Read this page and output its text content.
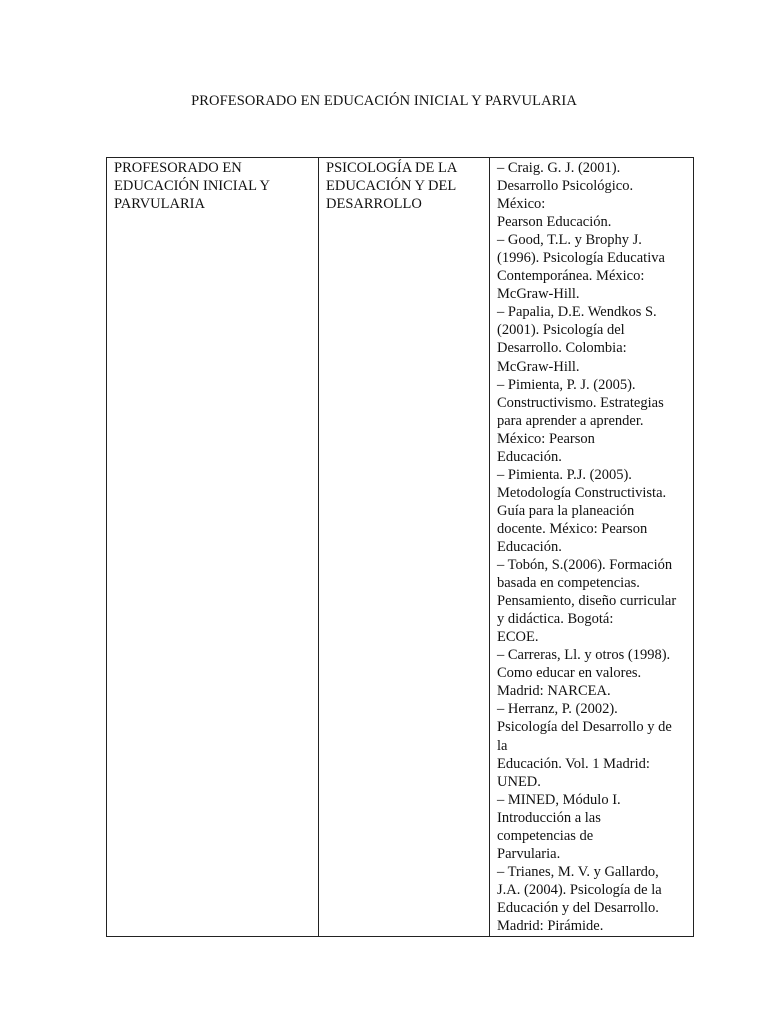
PROFESORADO EN EDUCACIÓN INICIAL Y PARVULARIA
PROFESORADO EN
EDUCACIÓN INICIAL Y
PARVULARIA

PSICOLOGÍA DE LA
EDUCACIÓN Y DEL
DESARROLLO

– Craig. G. J. (2001).
Desarrollo Psicológico.
México:
Pearson Educación.
– Good, T.L. y Brophy J.
(1996). Psicología Educativa
Contemporánea. México:
McGraw-Hill.
– Papalia, D.E. Wendkos S.
(2001). Psicología del
Desarrollo. Colombia:
McGraw-Hill.
– Pimienta, P. J. (2005).
Constructivismo. Estrategias
para aprender a aprender.
México: Pearson
Educación.
– Pimienta. P.J. (2005).
Metodología Constructivista.
Guía para la planeación
docente. México: Pearson
Educación.
– Tobón, S.(2006). Formación
basada en competencias.
Pensamiento, diseño curricular
y didáctica. Bogotá:
ECOE.
– Carreras, Ll. y otros (1998).
Como educar en valores.
Madrid: NARCEA.
– Herranz, P. (2002).
Psicología del Desarrollo y de
la
Educación. Vol. 1 Madrid:
UNED.
– MINED, Módulo I.
Introducción a las
competencias de
Parvularia.
– Trianes, M. V. y Gallardo,
J.A. (2004). Psicología de la
Educación y del Desarrollo.
Madrid: Pirámide.
